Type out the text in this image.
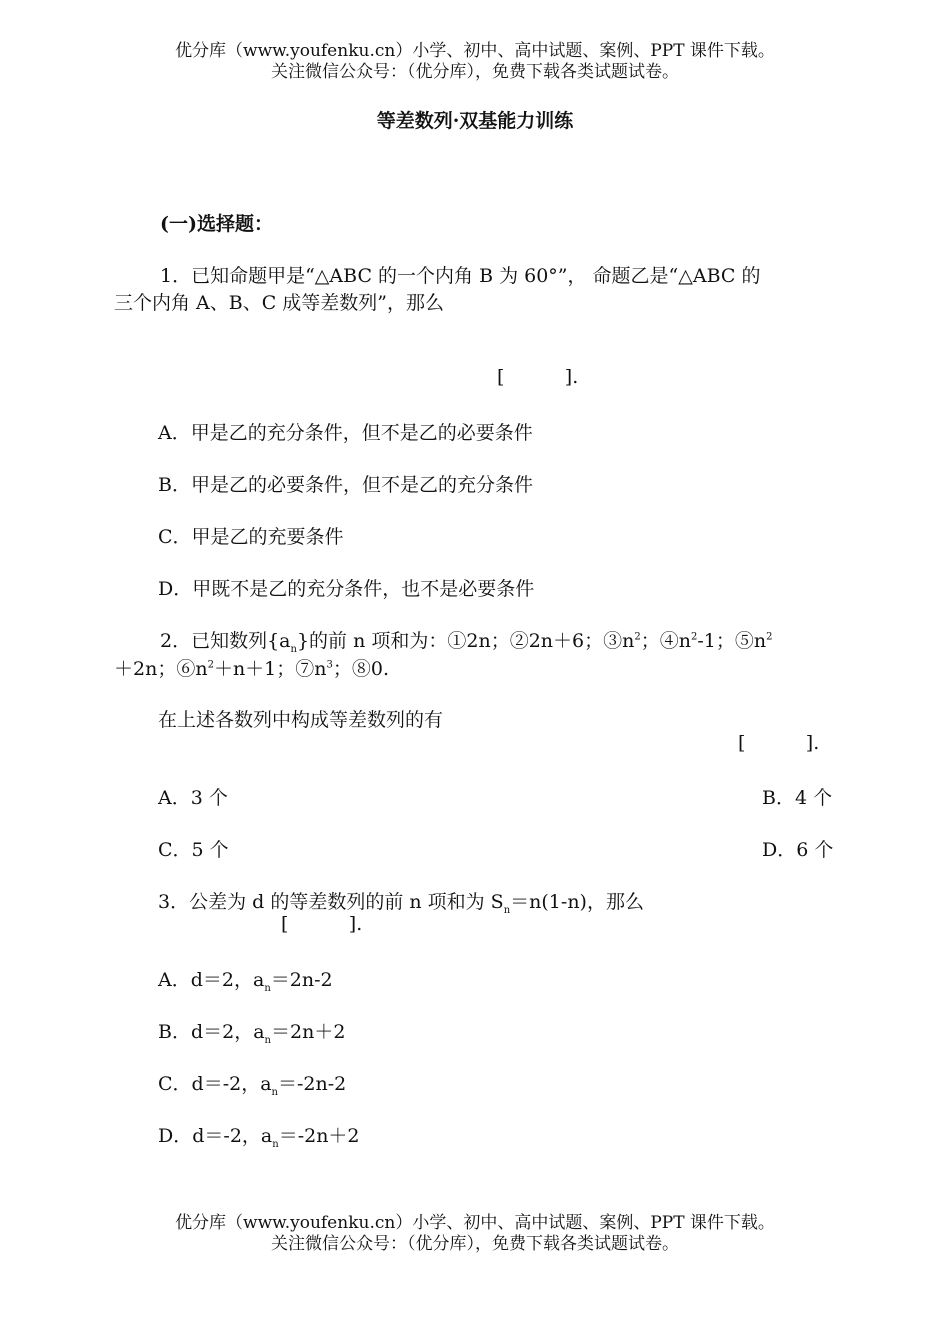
优分库（www.youfenku.cn）小学、初中、高中试题、案例、PPT 课件下载。
关注微信公众号：（优分库），免费下载各类试题试卷。
等差数列·双基能力训练
(一)选择题：
1．已知命题甲是“△ABC 的一个内角 B 为 60°”， 命题乙是“△ABC 的
三个内角 A、B、C 成等差数列”，那么
[          ].
A．甲是乙的充分条件，但不是乙的必要条件
B．甲是乙的必要条件，但不是乙的充分条件
C．甲是乙的充要条件
D．甲既不是乙的充分条件，也不是必要条件
2．已知数列$\{a_n\}$的前 n 项和为：①2n；②2n＋6；$③n^2$；$④n^2-1$；$⑤n^2$
＋2n；$⑥n^2+n+1$；$⑦n^3$；⑧0.
在上述各数列中构成等差数列的有
[          ].
A．3 个	B．4 个
C．5 个	D．6 个
3．公差为 d 的等差数列的前 n 项和为 $S_n=n(1-n)$，那么
[          ].
A．d＝2，$a_n=2n-2$
B．d＝2，$a_n=2n+2$
C．d＝-2，$a_n=-2n-2$
D．d＝-2，$a_n=-2n+2$
优分库（www.youfenku.cn）小学、初中、高中试题、案例、PPT 课件下载。
关注微信公众号：（优分库），免费下载各类试题试卷。
